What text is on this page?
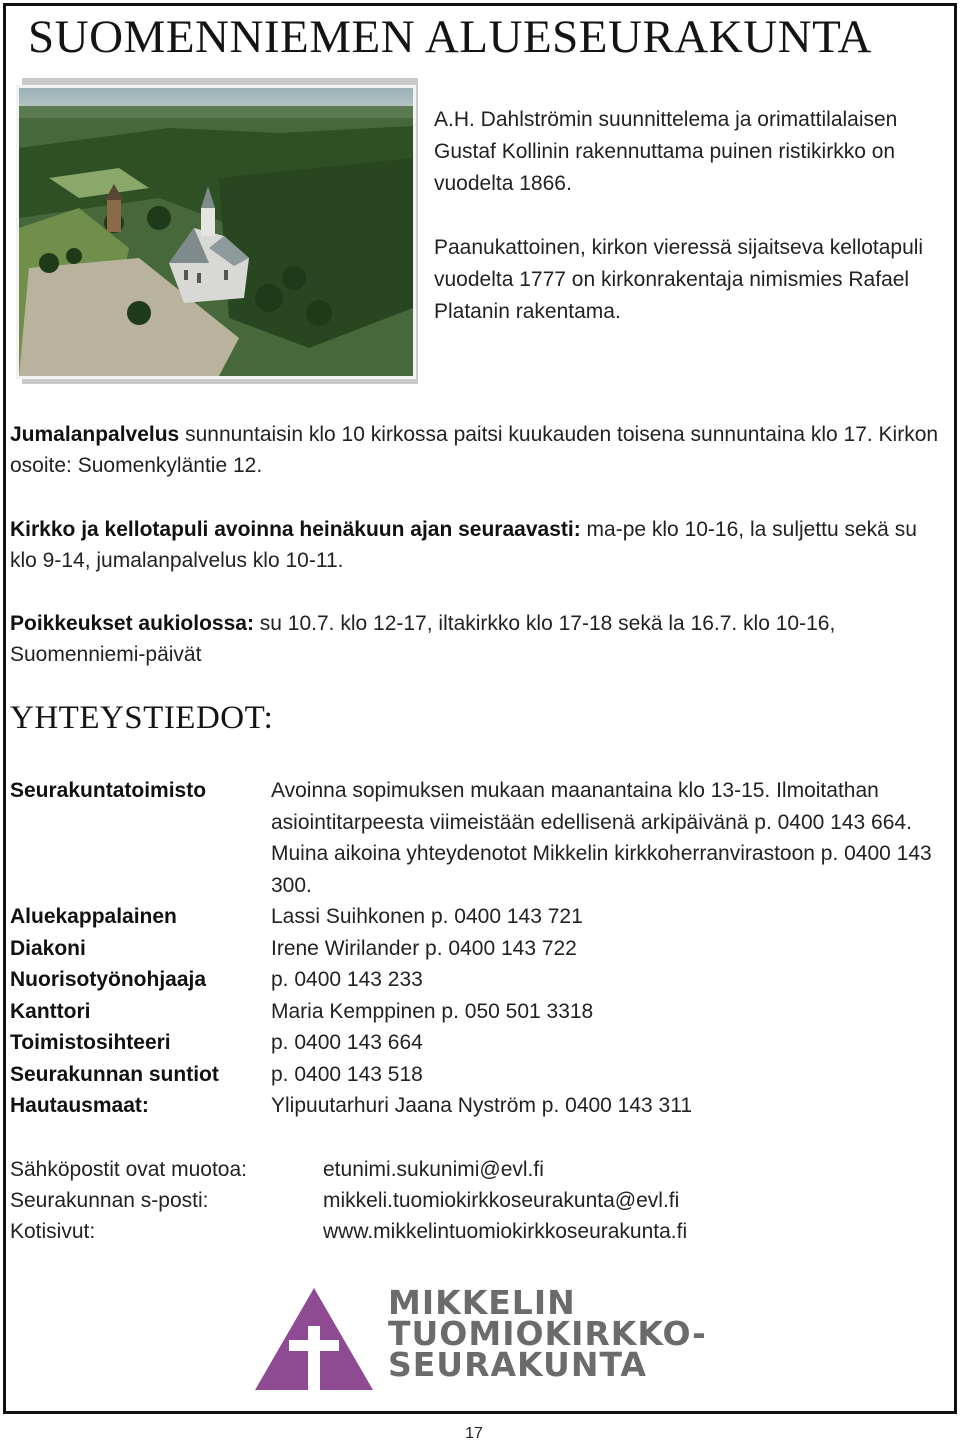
SUOMENNIEMEN ALUESEURAKUNTA

A.H. Dahlströmin suunnittelema ja orimattilalaisen Gustaf Kollinin rakennuttama puinen ristikirkko on vuodelta 1866.

Paanukattoinen, kirkon vieressä sijaitseva kellotapuli vuodelta 1777 on kirkonrakentaja nimismies Rafael Platanin rakentama.

Jumalanpalvelus sunnuntaisin klo 10 kirkossa paitsi kuukauden toisena sunnuntaina klo 17. Kirkon osoite: Suomenkyläntie 12.
Kirkko ja kellotapuli avoinna heinäkuun ajan seuraavasti: ma-pe klo 10-16, la suljettu sekä su klo 9-14, jumalanpalvelus klo 10-11.
Poikkeukset aukiolossa: su 10.7. klo 12-17, iltakirkko klo 17-18 sekä la 16.7. klo 10-16, Suomenniemi-päivät
YHTEYSTIEDOT:
Seurakuntatoimisto	Avoinna sopimuksen mukaan maanantaina klo 13-15. Ilmoitathan asiointitarpeesta viimeistään edellisenä arkipäivänä p. 0400 143 664. Muina aikoina yhteydenotot Mikkelin kirkkoherranvirastoon p. 0400 143 300.
Aluekappalainen	Lassi Suihkonen p. 0400 143 721
Diakoni	Irene Wirilander p. 0400 143 722
Nuorisotyönohjaaja	p. 0400 143 233
Kanttori	Maria Kemppinen p. 050 501 3318
Toimistosihteeri	p. 0400 143 664
Seurakunnan suntiot	p. 0400 143 518
Hautausmaat:	Ylipuutarhuri Jaana Nyström p. 0400 143 311
Sähköpostit ovat muotoa:	etunimi.sukunimi@evl.fi
Seurakunnan s-posti:	mikkeli.tuomiokirkkoseurakunta@evl.fi
Kotisivut:	www.mikkelintuomiokirkkoseurakunta.fi
MIKKELIN
TUOMIOKIRKKO-
SEURAKUNTA
17
